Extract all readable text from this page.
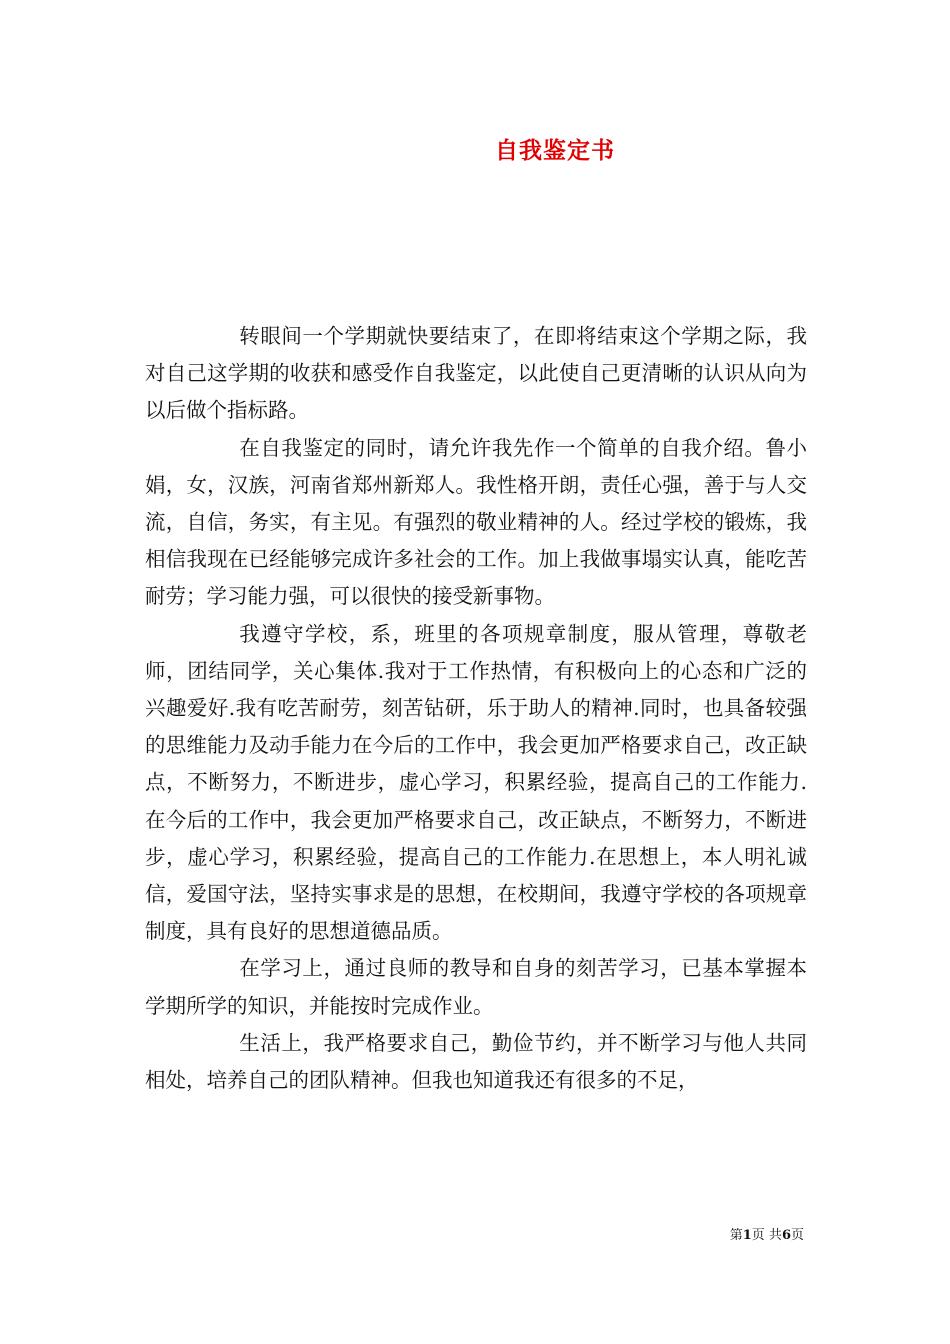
自我鉴定书

转眼间一个学期就快要结束了，在即将结束这个学期之际，我对自己这学期的收获和感受作自我鉴定，以此使自己更清晰的认识从向为以后做个指标路。

在自我鉴定的同时，请允许我先作一个简单的自我介绍。鲁小娟，女，汉族，河南省郑州新郑人。我性格开朗，责任心强，善于与人交流，自信，务实，有主见。有强烈的敬业精神的人。经过学校的锻炼，我相信我现在已经能够完成许多社会的工作。加上我做事塌实认真，能吃苦耐劳；学习能力强，可以很快的接受新事物。

我遵守学校，系，班里的各项规章制度，服从管理，尊敬老师，团结同学，关心集体.我对于工作热情，有积极向上的心态和广泛的兴趣爱好.我有吃苦耐劳，刻苦钻研，乐于助人的精神.同时，也具备较强的思维能力及动手能力在今后的工作中，我会更加严格要求自己，改正缺点，不断努力，不断进步，虚心学习，积累经验，提高自己的工作能力.在今后的工作中，我会更加严格要求自己，改正缺点，不断努力，不断进步，虚心学习，积累经验，提高自己的工作能力.在思想上，本人明礼诚信，爱国守法，坚持实事求是的思想，在校期间，我遵守学校的各项规章制度，具有良好的思想道德品质。

在学习上，通过良师的教导和自身的刻苦学习，已基本掌握本学期所学的知识，并能按时完成作业。

生活上，我严格要求自己，勤俭节约，并不断学习与他人共同相处，培养自己的团队精神。但我也知道我还有很多的不足，

第1页 共6页
